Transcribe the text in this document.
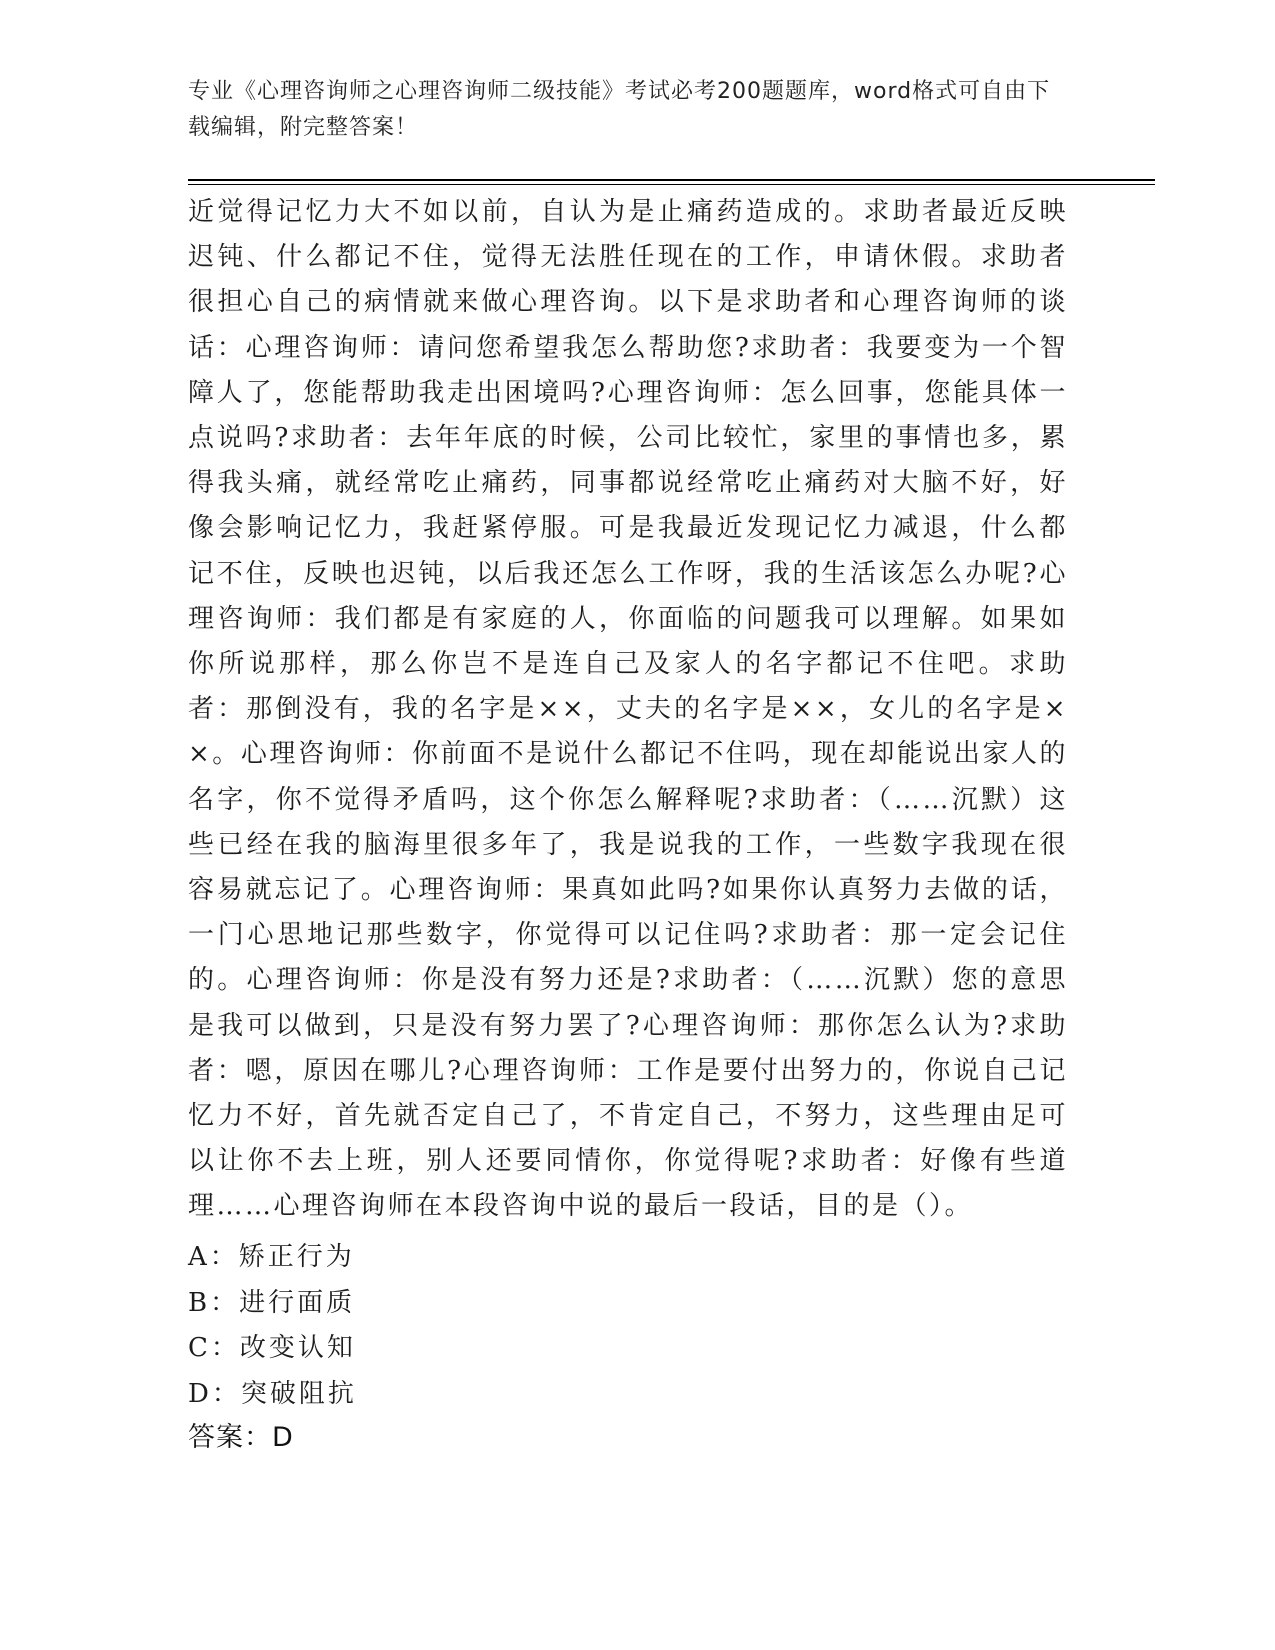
专业《心理咨询师之心理咨询师二级技能》考试必考200题题库，word格式可自由下载编辑，附完整答案！
近觉得记忆力大不如以前，自认为是止痛药造成的。求助者最近反映迟钝、什么都记不住，觉得无法胜任现在的工作，申请休假。求助者很担心自己的病情就来做心理咨询。以下是求助者和心理咨询师的谈话：心理咨询师：请问您希望我怎么帮助您?求助者：我要变为一个智障人了，您能帮助我走出困境吗?心理咨询师：怎么回事，您能具体一点说吗?求助者：去年年底的时候，公司比较忙，家里的事情也多，累得我头痛，就经常吃止痛药，同事都说经常吃止痛药对大脑不好，好像会影响记忆力，我赶紧停服。可是我最近发现记忆力减退，什么都记不住，反映也迟钝，以后我还怎么工作呀，我的生活该怎么办呢?心理咨询师：我们都是有家庭的人，你面临的问题我可以理解。如果如你所说那样，那么你岂不是连自己及家人的名字都记不住吧。求助者：那倒没有，我的名字是××，丈夫的名字是××，女儿的名字是××。心理咨询师：你前面不是说什么都记不住吗，现在却能说出家人的名字，你不觉得矛盾吗，这个你怎么解释呢?求助者：（……沉默）这些已经在我的脑海里很多年了，我是说我的工作，一些数字我现在很容易就忘记了。心理咨询师：果真如此吗?如果你认真努力去做的话，一门心思地记那些数字，你觉得可以记住吗?求助者：那一定会记住的。心理咨询师：你是没有努力还是?求助者：（……沉默）您的意思是我可以做到，只是没有努力罢了?心理咨询师：那你怎么认为?求助者：嗯，原因在哪儿?心理咨询师：工作是要付出努力的，你说自己记忆力不好，首先就否定自己了，不肯定自己，不努力，这些理由足可以让你不去上班，别人还要同情你，你觉得呢?求助者：好像有些道理……心理咨询师在本段咨询中说的最后一段话，目的是（）。
A：矫正行为
B：进行面质
C：改变认知
D：突破阻抗
答案：D
